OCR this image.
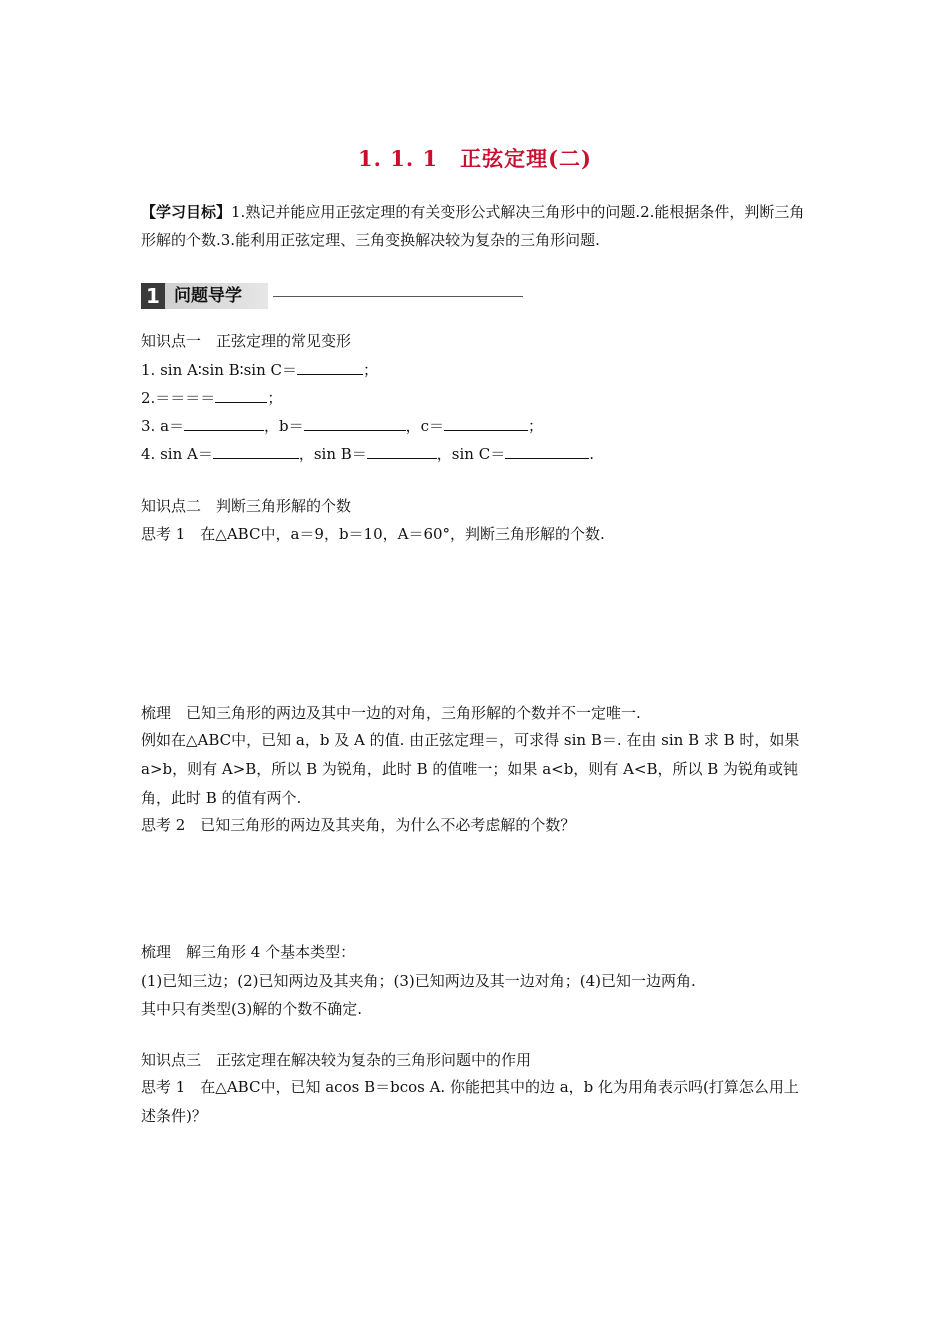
1. 1. 1　正弦定理(二)
【学习目标】1.熟记并能应用正弦定理的有关变形公式解决三角形中的问题.2.能根据条件，判断三角形解的个数.3.能利用正弦定理、三角变换解决较为复杂的三角形问题.
1 问题导学
知识点一　正弦定理的常见变形
1. sin A∶sin B∶sin C＝	；
2.＝＝＝＝	；
3. a＝	，b＝	，c＝	；
4. sin A＝	，sin B＝	，sin C＝	.
知识点二　判断三角形解的个数
思考 1　在△ABC中，a＝9，b＝10，A＝60°，判断三角形解的个数.
梳理　已知三角形的两边及其中一边的对角，三角形解的个数并不一定唯一.
例如在△ABC中，已知 a，b 及 A 的值. 由正弦定理＝，可求得 sin B＝. 在由 sin B 求 B 时，如果 a>b，则有 A>B，所以 B 为锐角，此时 B 的值唯一；如果 a<b，则有 A<B，所以 B 为锐角或钝角，此时 B 的值有两个.
思考 2　已知三角形的两边及其夹角，为什么不必考虑解的个数？
梳理　解三角形 4 个基本类型：
(1)已知三边；(2)已知两边及其夹角；(3)已知两边及其一边对角；(4)已知一边两角.
其中只有类型(3)解的个数不确定.
知识点三　正弦定理在解决较为复杂的三角形问题中的作用
思考 1　在△ABC中，已知 acos B＝bcos A. 你能把其中的边 a，b 化为用角表示吗(打算怎么用上述条件)？
